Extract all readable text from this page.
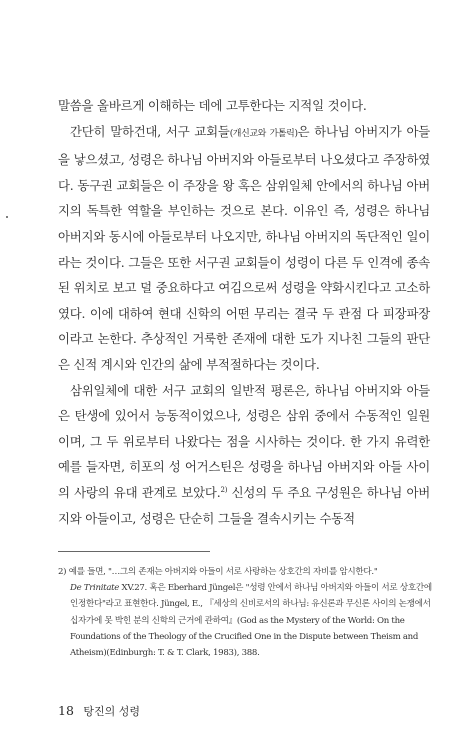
말씀을 올바르게 이해하는 데에 고투한다는 지적일 것이다.

간단히 말하건대, 서구 교회들(개신교와 가톨릭)은 하나님 아버지가 아들을 낳으셨고, 성령은 하나님 아버지와 아들로부터 나오셨다고 주장하였다. 동구권 교회들은 이 주장을 왕 혹은 삼위일체 안에서의 하나님 아버지의 독특한 역할을 부인하는 것으로 본다. 이유인 즉, 성령은 하나님 아버지와 동시에 아들로부터 나오지만, 하나님 아버지의 독단적인 일이라는 것이다. 그들은 또한 서구권 교회들이 성령이 다른 두 인격에 종속된 위치로 보고 덜 중요하다고 여김으로써 성령을 약화시킨다고 고소하였다. 이에 대하여 현대 신학의 어떤 무리는 결국 두 관점 다 피장파장이라고 논한다. 추상적인 거룩한 존재에 대한 도가 지나친 그들의 판단은 신적 계시와 인간의 삶에 부적절하다는 것이다.

삼위일체에 대한 서구 교회의 일반적 평론은, 하나님 아버지와 아들은 탄생에 있어서 능동적이었으나, 성령은 삼위 중에서 수동적인 일원이며, 그 두 위로부터 나왔다는 점을 시사하는 것이다. 한 가지 유력한 예를 들자면, 히포의 성 어거스틴은 성령을 하나님 아버지와 아들 사이의 사랑의 유대 관계로 보았다.$^{2)}$ 신성의 두 주요 구성원은 하나님 아버지와 아들이고, 성령은 단순히 그들을 결속시키는 수동적

2) 예를 들면, "…그의 존재는 아버지와 아들이 서로 사랑하는 상호간의 자비를 암시한다."
De Trinitate XV.27. 혹은 Eberhard Jüngel은 "성령 안에서 하나님 아버지와 아들이 서로 상호간에 인정한다"라고 표현한다. Jüngel, E., 『세상의 신비로서의 하나님: 유신론과 무신론 사이의 논쟁에서 십자가에 못 박힌 분의 신학의 근거에 관하여』(God as the Mystery of the World: On the Foundations of the Theology of the Crucified One in the Dispute between Theism and Atheism)(Edinburgh: T. & T. Clark, 1983), 388.
18 탕진의 성령
